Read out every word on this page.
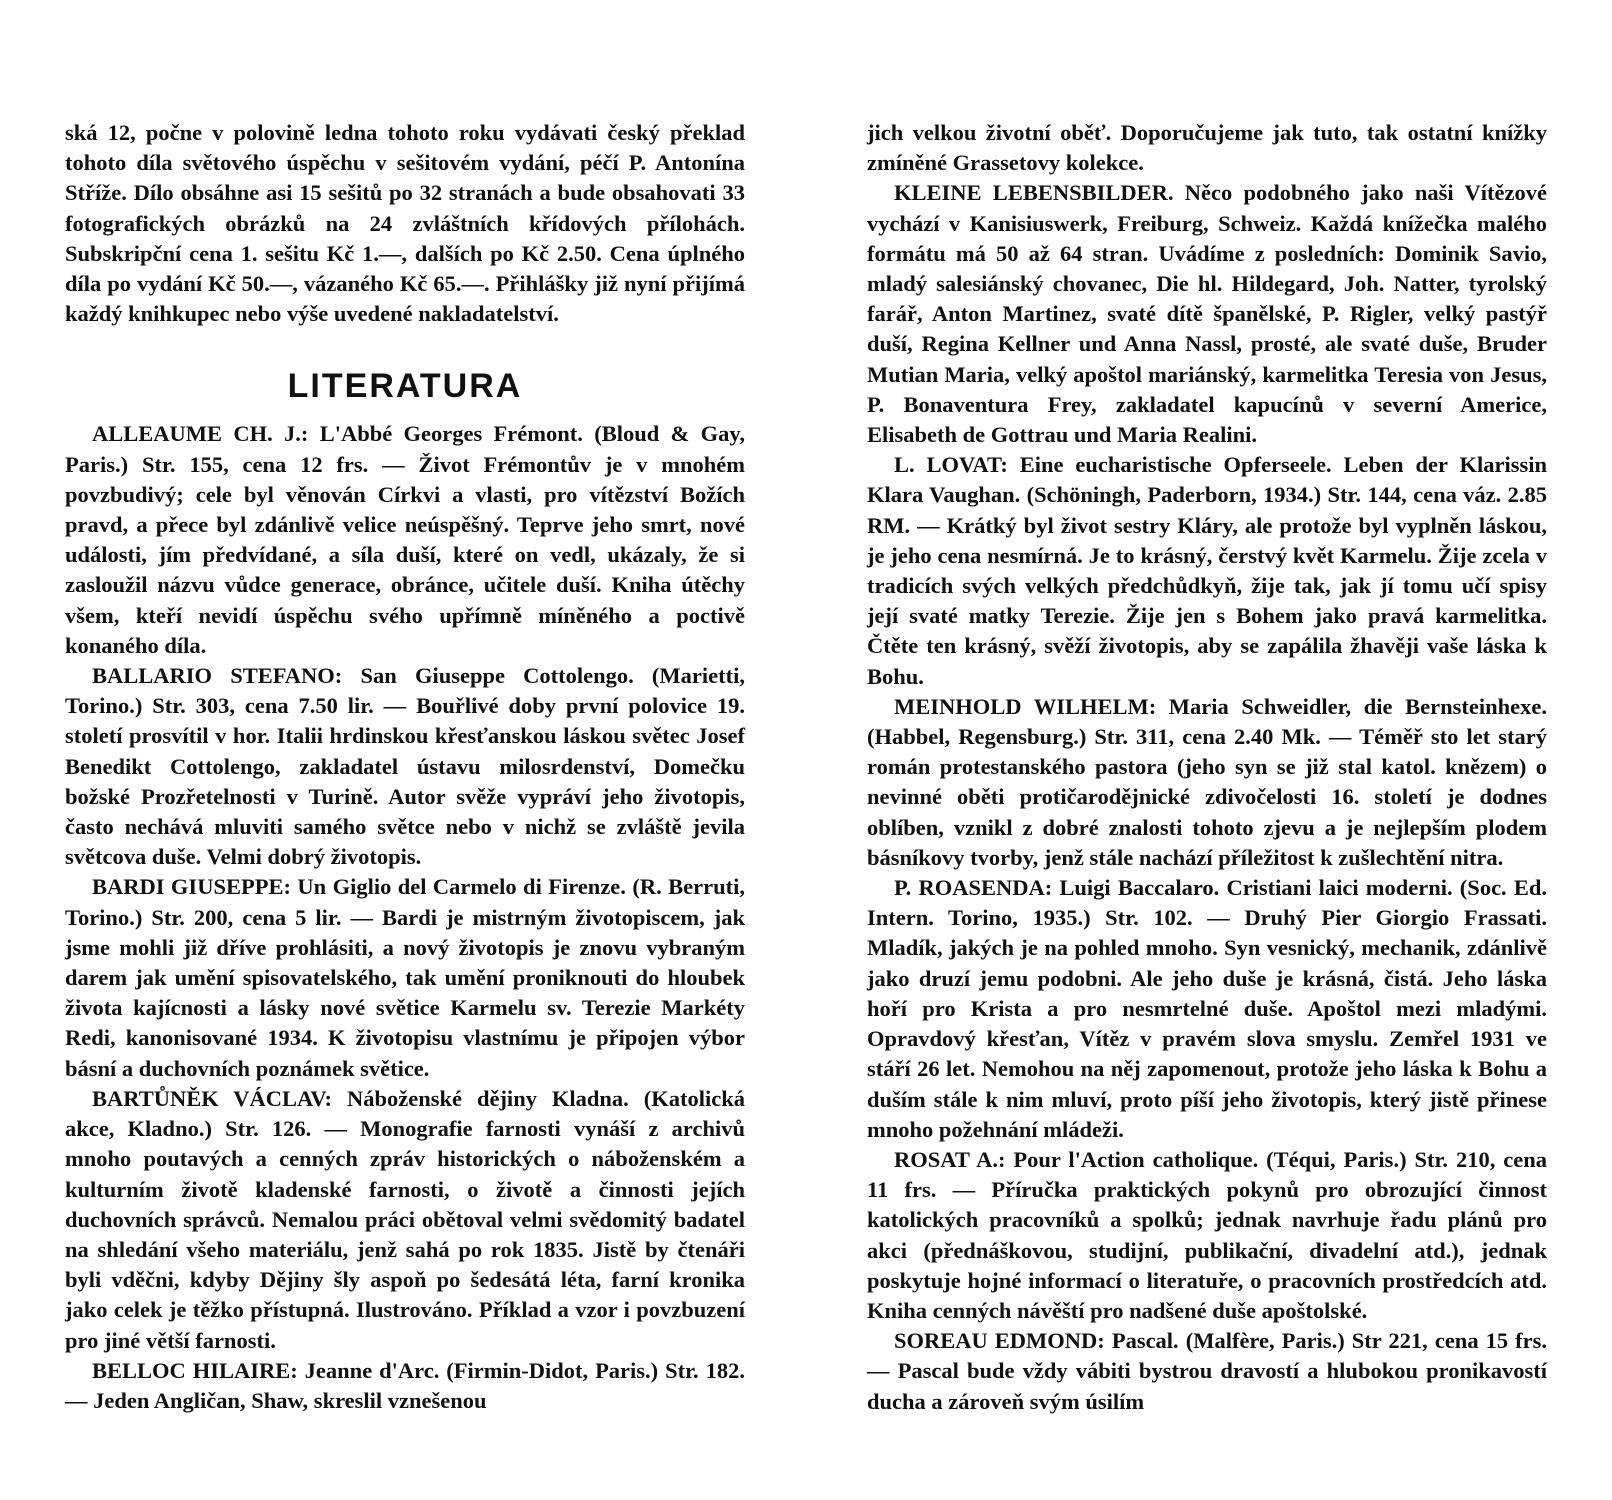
ská 12, počne v polovině ledna tohoto roku vydávati český překlad tohoto díla světového úspěchu v sešitovém vydání, péčí P. Antonína Stříže. Dílo obsáhne asi 15 sešitů po 32 stranách a bude obsahovati 33 fotografických obrázků na 24 zvláštních křídových přílohách. Subskripční cena 1. sešitu Kč 1.—, dalších po Kč 2.50. Cena úplného díla po vydání Kč 50.—, vázaného Kč 65.—. Přihlášky již nyní přijímá každý knihkupec nebo výše uvedené nakladatelství.

LITERATURA

ALLEAUME CH. J.: L'Abbé Georges Frémont. (Bloud & Gay, Paris.) Str. 155, cena 12 frs. — Život Frémontův je v mnohém povzbudivý; cele byl věnován Církvi a vlasti, pro vítězství Božích pravd, a přece byl zdánlivě velice neúspěšný. Teprve jeho smrt, nové události, jím předvídané, a síla duší, které on vedl, ukázaly, že si zasloužil názvu vůdce generace, obránce, učitele duší. Kniha útěchy všem, kteří nevidí úspěchu svého upřímně míněného a poctivě konaného díla.

BALLARIO STEFANO: San Giuseppe Cottolengo. (Marietti, Torino.) Str. 303, cena 7.50 lir. — Bouřlivé doby první polovice 19. století prosvítil v hor. Italii hrdinskou křesťanskou láskou světec Josef Benedikt Cottolengo, zakladatel ústavu milosrdenství, Domečku božské Prozřetelnosti v Turině. Autor svěže vypráví jeho životopis, často nechává mluviti samého světce nebo v nichž se zvláště jevila světcova duše. Velmi dobrý životopis.

BARDI GIUSEPPE: Un Giglio del Carmelo di Firenze. (R. Berruti, Torino.) Str. 200, cena 5 lir. — Bardi je mistrným životopiscem, jak jsme mohli již dříve prohlásiti, a nový životopis je znovu vybraným darem jak umění spisovatelského, tak umění proniknouti do hloubek života kajícnosti a lásky nové světice Karmelu sv. Terezie Markéty Redi, kanonisované 1934. K životopisu vlastnímu je připojen výbor básní a duchovních poznámek světice.

BARTŮNĚK VÁCLAV: Náboženské dějiny Kladna. (Katolická akce, Kladno.) Str. 126. — Monografie farnosti vynáší z archivů mnoho poutavých a cenných zpráv historických o náboženském a kulturním životě kladenské farnosti, o životě a činnosti jejích duchovních správců. Nemalou práci obětoval velmi svědomitý badatel na shledání všeho materiálu, jenž sahá po rok 1835. Jistě by čtenáři byli vděčni, kdyby Dějiny šly aspoň po šedesátá léta, farní kronika jako celek je těžko přístupná. Ilustrováno. Příklad a vzor i povzbuzení pro jiné větší farnosti.

BELLOC HILAIRE: Jeanne d'Arc. (Firmin-Didot, Paris.) Str. 182. — Jeden Angličan, Shaw, skreslil vznešenou

jich velkou životní oběť. Doporučujeme jak tuto, tak ostatní knížky zmíněné Grassetovy kolekce.

KLEINE LEBENSBILDER. Něco podobného jako naši Vítězové vychází v Kanisiuswerk, Freiburg, Schweiz. Každá knížečka malého formátu má 50 až 64 stran. Uvádíme z posledních: Dominik Savio, mladý salesiánský chovanec, Die hl. Hildegard, Joh. Natter, tyrolský farář, Anton Martinez, svaté dítě španělské, P. Rigler, velký pastýř duší, Regina Kellner und Anna Nassl, prosté, ale svaté duše, Bruder Mutian Maria, velký apoštol mariánský, karmelitka Teresia von Jesus, P. Bonaventura Frey, zakladatel kapucínů v severní Americe, Elisabeth de Gottrau und Maria Realini.

L. LOVAT: Eine eucharistische Opferseele. Leben der Klarissin Klara Vaughan. (Schöningh, Paderborn, 1934.) Str. 144, cena váz. 2.85 RM. — Krátký byl život sestry Kláry, ale protože byl vyplněn láskou, je jeho cena nesmírná. Je to krásný, čerstvý květ Karmelu. Žije zcela v tradicích svých velkých předchůdkyň, žije tak, jak jí tomu učí spisy její svaté matky Terezie. Žije jen s Bohem jako pravá karmelitka. Čtěte ten krásný, svěží životopis, aby se zapálila žhavěji vaše láska k Bohu.

MEINHOLD WILHELM: Maria Schweidler, die Bernsteinhexe. (Habbel, Regensburg.) Str. 311, cena 2.40 Mk. — Téměř sto let starý román protestanského pastora (jeho syn se již stal katol. knězem) o nevinné oběti protičarodějnické zdivočelosti 16. století je dodnes oblíben, vznikl z dobré znalosti tohoto zjevu a je nejlepším plodem básníkovy tvorby, jenž stále nachází příležitost k zušlechtění nitra.

P. ROASENDA: Luigi Baccalaro. Cristiani laici moderni. (Soc. Ed. Intern. Torino, 1935.) Str. 102. — Druhý Pier Giorgio Frassati. Mladík, jakých je na pohled mnoho. Syn vesnický, mechanik, zdánlivě jako druzí jemu podobni. Ale jeho duše je krásná, čistá. Jeho láska hoří pro Krista a pro nesmrtelné duše. Apoštol mezi mladými. Opravdový křesťan, Vítěz v pravém slova smyslu. Zemřel 1931 ve stáří 26 let. Nemohou na něj zapomenout, protože jeho láska k Bohu a duším stále k nim mluví, proto píší jeho životopis, který jistě přinese mnoho požehnání mládeži.

ROSAT A.: Pour l'Action catholique. (Téqui, Paris.) Str. 210, cena 11 frs. — Příručka praktických pokynů pro obrozující činnost katolických pracovníků a spolků; jednak navrhuje řadu plánů pro akci (přednáškovou, studijní, publikační, divadelní atd.), jednak poskytuje hojné informací o literatuře, o pracovních prostředcích atd. Kniha cenných návěští pro nadšené duše apoštolské.

SOREAU EDMOND: Pascal. (Malfère, Paris.) Str 221, cena 15 frs. — Pascal bude vždy vábiti bystrou dravostí a hlubokou pronikavostí ducha a zároveň svým úsilím
